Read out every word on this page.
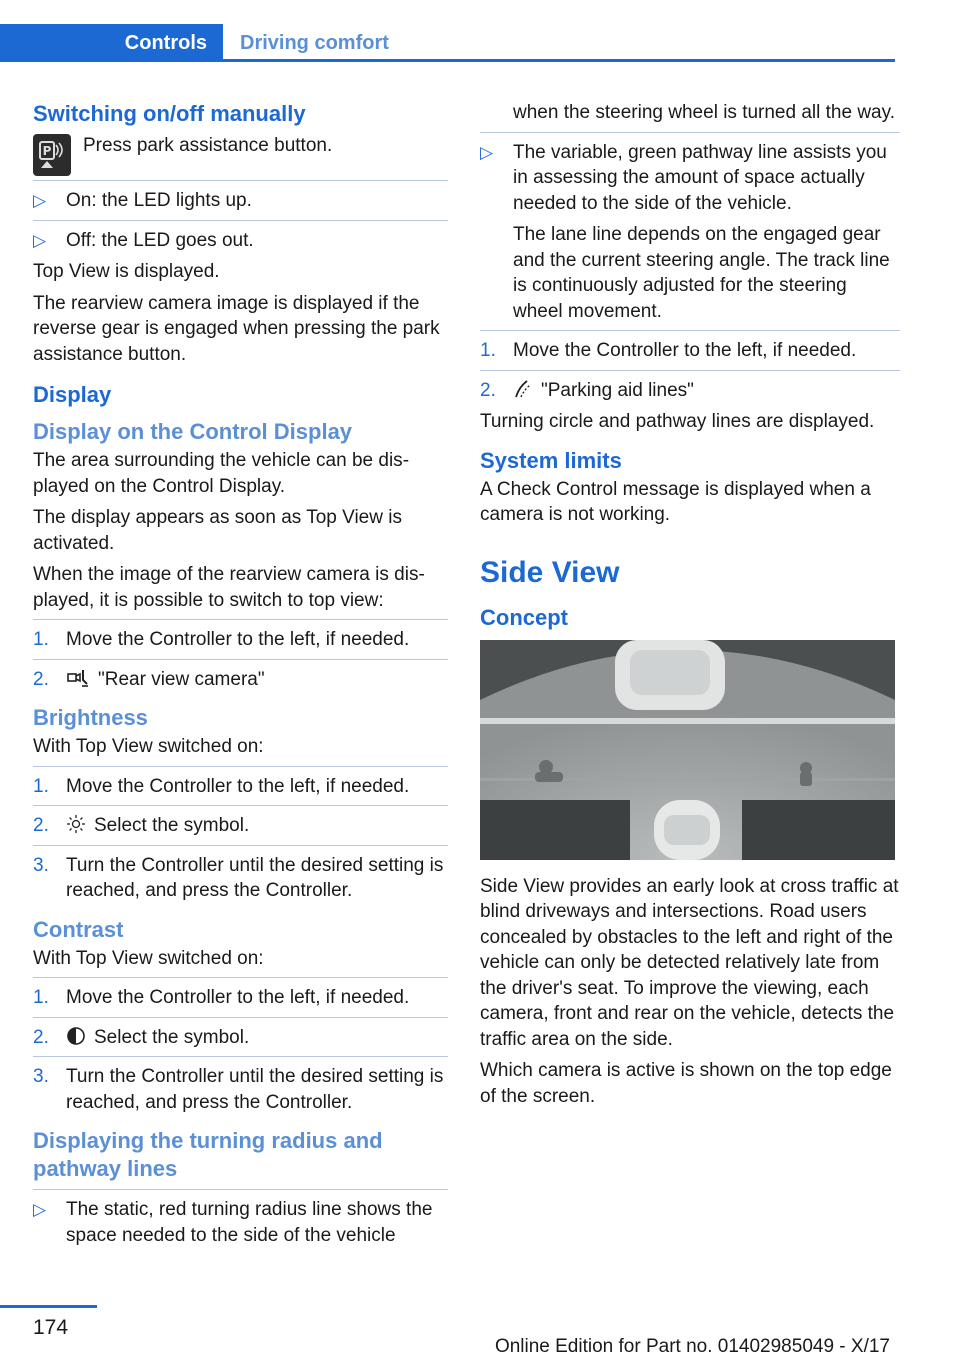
Controls Driving comfort
Switching on/off manually
P Press park assistance button.

▷ On: the LED lights up.
▷ Off: the LED goes out.

Top View is displayed.

The rearview camera image is displayed if the reverse gear is engaged when pressing the park assistance button.

Display
Display on the Control Display

The area surrounding the vehicle can be displayed on the Control Display.

The display appears as soon as Top View is activated.

When the image of the rearview camera is displayed, it is possible to switch to top view:

1. Move the Controller to the left, if needed.
2.	"Rear view camera"
Brightness

With Top View switched on:

1. Move the Controller to the left, if needed.
2. Select the symbol.
3. Turn the Controller until the desired setting is reached, and press the Controller.
Contrast

With Top View switched on:

1. Move the Controller to the left, if needed.
2. Select the symbol.
3. Turn the Controller until the desired setting is reached, and press the Controller.
Displaying the turning radius and pathway lines
▷ The static, red turning radius line shows the space needed to the side of the vehicle
when the steering wheel is turned all the way.
▷ The variable, green pathway line assists you in assessing the amount of space actually needed to the side of the vehicle.
The lane line depends on the engaged gear and the current steering angle. The track line is continuously adjusted for the steering wheel movement.
1. Move the Controller to the left, if needed.
2. "Parking aid lines"

Turning circle and pathway lines are displayed.

System limits

A Check Control message is displayed when a camera is not working.

Side View
Concept

Side View provides an early look at cross traffic at blind driveways and intersections. Road users concealed by obstacles to the left and right of the vehicle can only be detected relatively late from the driver's seat. To improve the viewing, each camera, front and rear on the vehicle, detects the traffic area on the side.

Which camera is active is shown on the top edge of the screen.

174
Online Edition for Part no. 01402985049 - X/17
